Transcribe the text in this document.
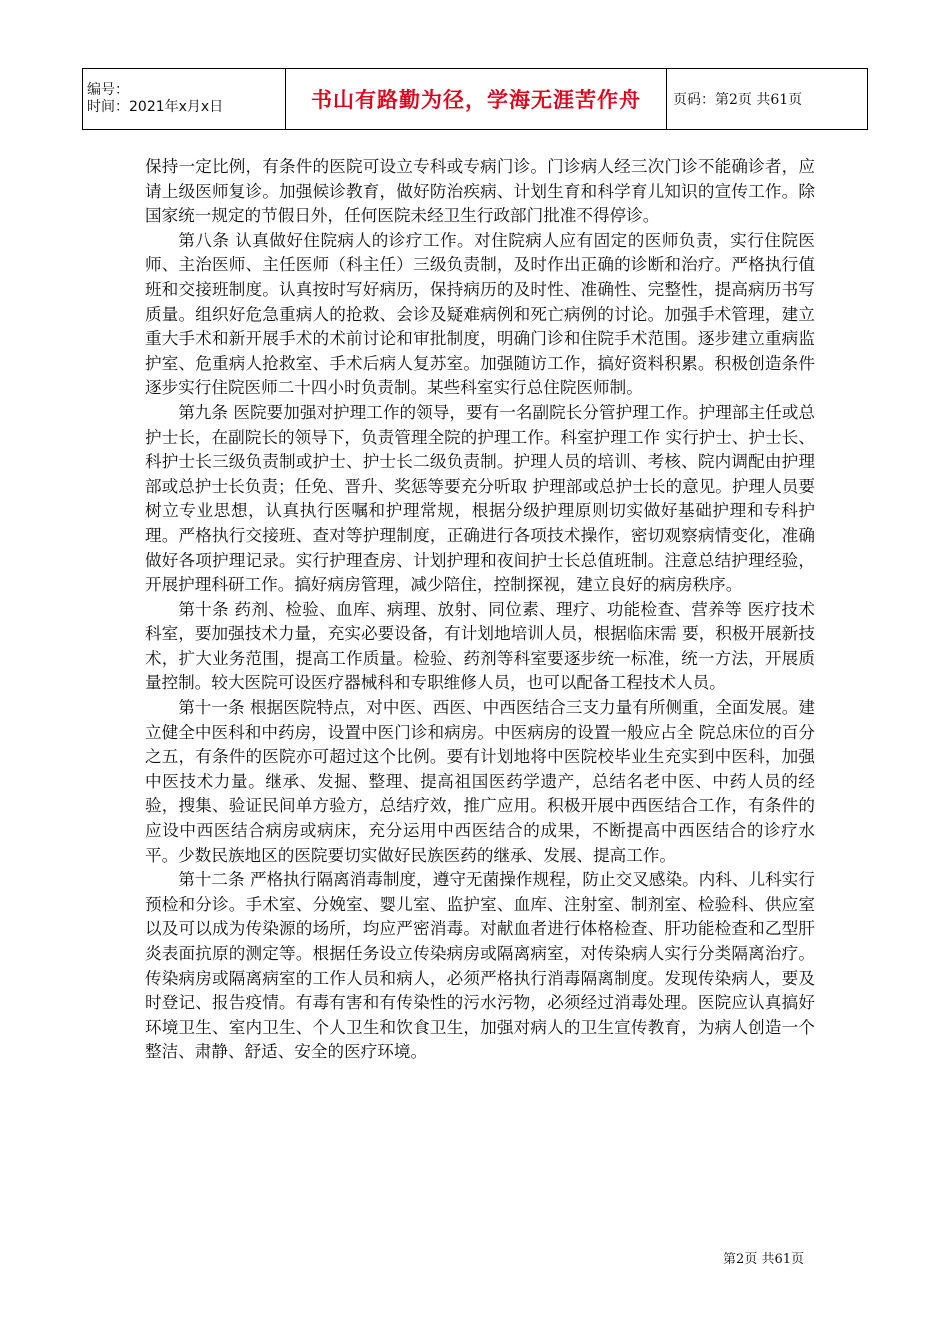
编号：
时间：2021年x月x日	书山有路勤为径，学海无涯苦作舟	页码：第2页 共61页

保持一定比例，有条件的医院可设立专科或专病门诊。门诊病人经三次门诊不能确诊者，应请上级医师复诊。加强候诊教育，做好防治疾病、计划生育和科学育儿知识的宣传工作。除国家统一规定的节假日外，任何医院未经卫生行政部门批准不得停诊。

第八条 认真做好住院病人的诊疗工作。对住院病人应有固定的医师负责，实行住院医师、主治医师、主任医师（科主任）三级负责制，及时作出正确的诊断和治疗。严格执行值班和交接班制度。认真按时写好病历，保持病历的及时性、准确性、完整性，提高病历书写质量。组织好危急重病人的抢救、会诊及疑难病例和死亡病例的讨论。加强手术管理，建立重大手术和新开展手术的术前讨论和审批制度，明确门诊和住院手术范围。逐步建立重病监护室、危重病人抢救室、手术后病人复苏室。加强随访工作，搞好资料积累。积极创造条件逐步实行住院医师二十四小时负责制。某些科室实行总住院医师制。

第九条 医院要加强对护理工作的领导，要有一名副院长分管护理工作。护理部主任或总护士长，在副院长的领导下，负责管理全院的护理工作。科室护理工作 实行护士、护士长、科护士长三级负责制或护士、护士长二级负责制。护理人员的培训、考核、院内调配由护理部或总护士长负责；任免、晋升、奖惩等要充分听取 护理部或总护士长的意见。护理人员要树立专业思想，认真执行医嘱和护理常规，根据分级护理原则切实做好基础护理和专科护理。严格执行交接班、查对等护理制度，正确进行各项技术操作，密切观察病情变化，准确做好各项护理记录。实行护理查房、计划护理和夜间护士长总值班制。注意总结护理经验，开展护理科研工作。搞好病房管理，减少陪住，控制探视，建立良好的病房秩序。

第十条 药剂、检验、血库、病理、放射、同位素、理疗、功能检查、营养等 医疗技术科室，要加强技术力量，充实必要设备，有计划地培训人员，根据临床需 要，积极开展新技术，扩大业务范围，提高工作质量。检验、药剂等科室要逐步统一标准，统一方法，开展质量控制。较大医院可设医疗器械科和专职维修人员，也可以配备工程技术人员。

第十一条 根据医院特点，对中医、西医、中西医结合三支力量有所侧重，全面发展。建立健全中医科和中药房，设置中医门诊和病房。中医病房的设置一般应占全 院总床位的百分之五，有条件的医院亦可超过这个比例。要有计划地将中医院校毕业生充实到中医科，加强中医技术力量。继承、发掘、整理、提高祖国医药学遗产，总结名老中医、中药人员的经验，搜集、验证民间单方验方，总结疗效，推广应用。积极开展中西医结合工作，有条件的应设中西医结合病房或病床，充分运用中西医结合的成果，不断提高中西医结合的诊疗水平。少数民族地区的医院要切实做好民族医药的继承、发展、提高工作。

第十二条 严格执行隔离消毒制度，遵守无菌操作规程，防止交叉感染。内科、儿科实行预检和分诊。手术室、分娩室、婴儿室、监护室、血库、注射室、制剂室、检验科、供应室以及可以成为传染源的场所，均应严密消毒。对献血者进行体格检查、肝功能检查和乙型肝炎表面抗原的测定等。根据任务设立传染病房或隔离病室，对传染病人实行分类隔离治疗。传染病房或隔离病室的工作人员和病人，必须严格执行消毒隔离制度。发现传染病人，要及时登记、报告疫情。有毒有害和有传染性的污水污物，必须经过消毒处理。医院应认真搞好环境卫生、室内卫生、个人卫生和饮食卫生，加强对病人的卫生宣传教育，为病人创造一个整洁、肃静、舒适、安全的医疗环境。

第2页 共61页
